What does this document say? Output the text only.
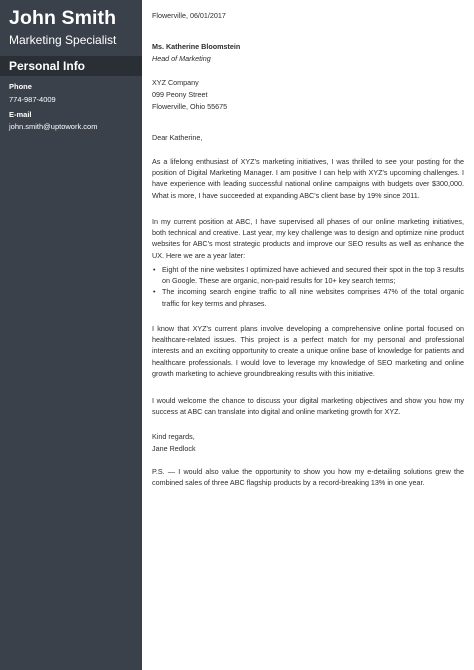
John Smith
Marketing Specialist
Personal Info
Phone
774-987-4009
E-mail
john.smith@uptowork.com
Flowerville, 06/01/2017
Ms. Katherine Bloomstein
Head of Marketing
XYZ Company
099 Peony Street
Flowerville, Ohio 55675
Dear Katherine,
As a lifelong enthusiast of XYZ's marketing initiatives, I was thrilled to see your posting for the position of Digital Marketing Manager. I am positive I can help with XYZ's upcoming challenges. I have experience with leading successful national online campaigns with budgets over $300,000. What is more, I have succeeded at expanding ABC's client base by 19% since 2011.
In my current position at ABC, I have supervised all phases of our online marketing initiatives, both technical and creative. Last year, my key challenge was to design and optimize nine product websites for ABC's most strategic products and improve our SEO results as well as enhance the UX. Here we are a year later:
• Eight of the nine websites I optimized have achieved and secured their spot in the top 3 results on Google. These are organic, non-paid results for 10+ key search terms;
• The incoming search engine traffic to all nine websites comprises 47% of the total organic traffic for key terms and phrases.
I know that XYZ's current plans involve developing a comprehensive online portal focused on healthcare-related issues. This project is a perfect match for my personal and professional interests and an exciting opportunity to create a unique online base of knowledge for patients and healthcare professionals. I would love to leverage my knowledge of SEO marketing and online growth marketing to achieve groundbreaking results with this initiative.
I would welcome the chance to discuss your digital marketing objectives and show you how my success at ABC can translate into digital and online marketing growth for XYZ.
Kind regards,
Jane Redlock
P.S. — I would also value the opportunity to show you how my e-detailing solutions grew the combined sales of three ABC flagship products by a record-breaking 13% in one year.
